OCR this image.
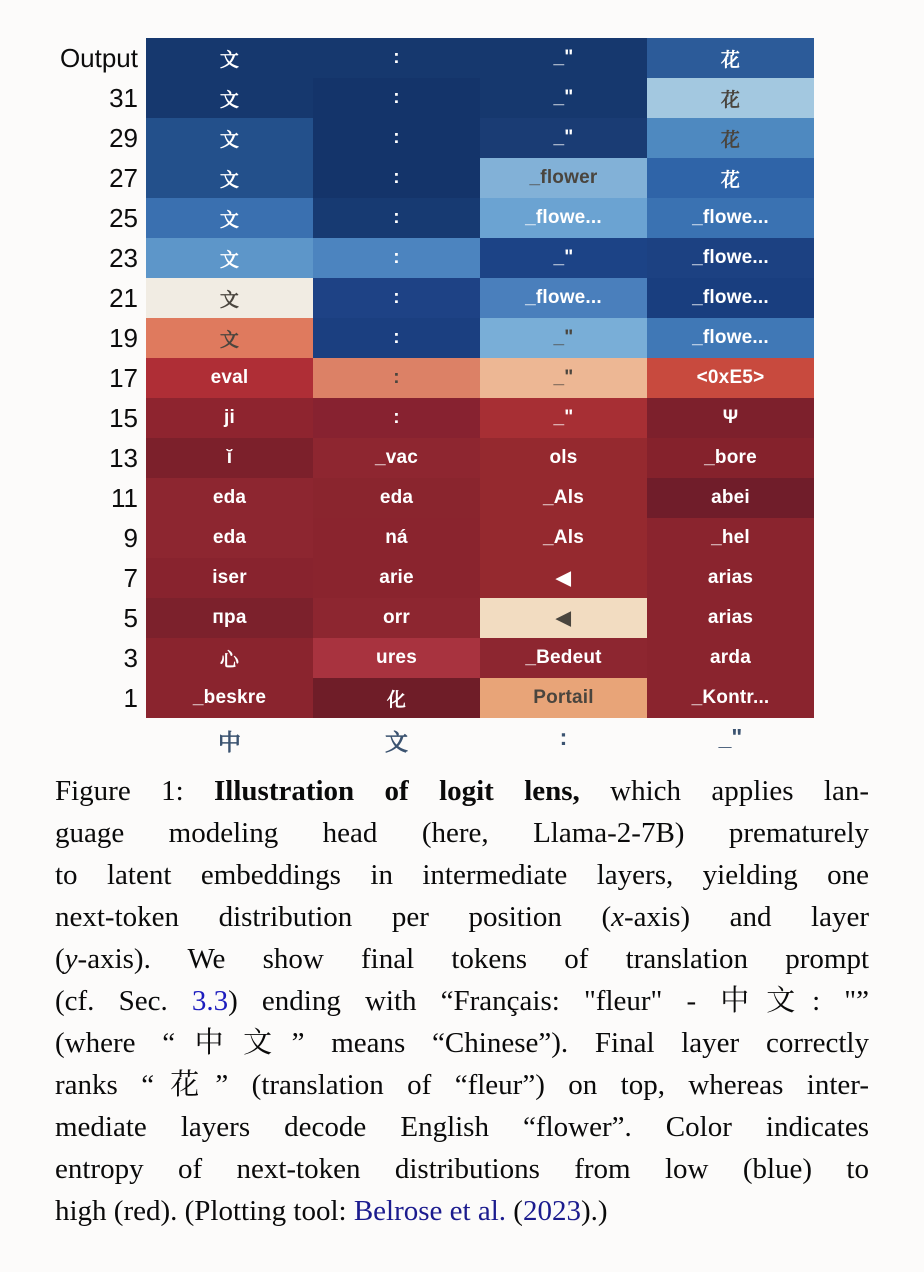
Output	文	:	_"	花
31	文	:	_"	花
29	文	:	_"	花
27	文	:	_flower	花
25	文	:	_flowe...	_flowe...
23	文	:	_"	_flowe...
21	文	:	_flowe...	_flowe...
19	文	:	_"	_flowe...
17	eval	:	_"	<0xE5>
15	ji	:	_"	Ψ
13	ĭ	_vac	ols	_bore
11	eda	eda	_Als	abei
9	eda	ná	_Als	_hel
7	iser	arie	◀	arias
5	пра	orr	◀	arias
3	心	ures	_Bedeut	arda
1	_beskre	化	Portail	_Kontr...
中	文	:	_"
Figure 1: Illustration of logit lens, which applies lan-
guage modeling head (here, Llama-2-7B) prematurely
to latent embeddings in intermediate layers, yielding one
next-token distribution per position (x-axis) and layer
(y-axis). We show final tokens of translation prompt
(cf. Sec. 3.3) ending with “Français: "fleur" - 中文: "”
(where “中文” means “Chinese”). Final layer correctly
ranks “花” (translation of “fleur”) on top, whereas inter-
mediate layers decode English “flower”. Color indicates
entropy of next-token distributions from low (blue) to
high (red). (Plotting tool: Belrose et al. (2023).)
